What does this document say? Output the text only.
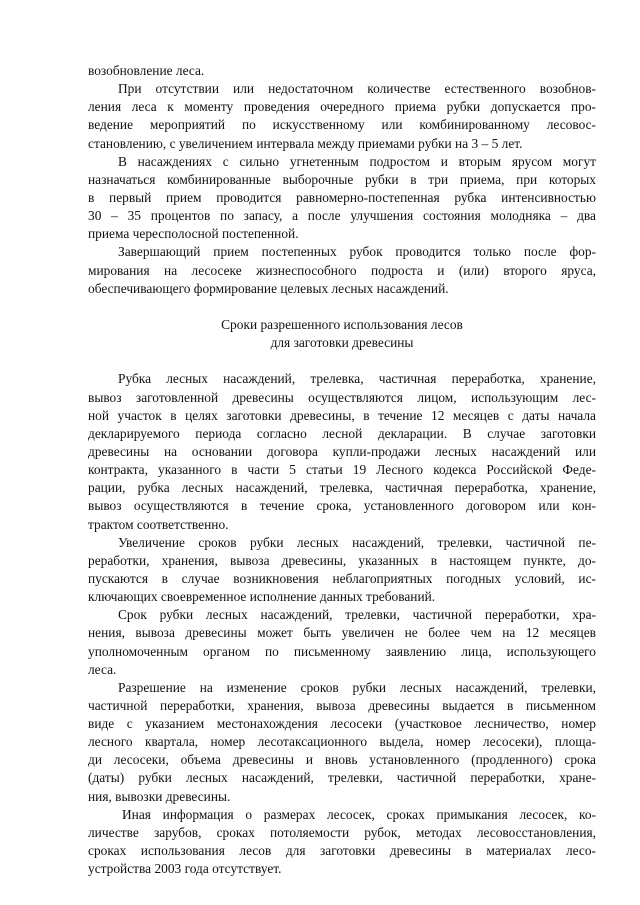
возобновление леса.
При отсутствии или недостаточном количестве естественного возобнов-
ления леса к моменту проведения очередного приема рубки допускается про-
ведение мероприятий по искусственному или комбинированному лесовос-
становлению, с увеличением интервала между приемами рубки на 3 – 5 лет.
В насаждениях с сильно угнетенным подростом и вторым ярусом могут
назначаться комбинированные выборочные рубки в три приема, при которых
в первый прием проводится равномерно-постепенная рубка интенсивностью
30 – 35 процентов по запасу, а после улучшения состояния молодняка – два
приема чересполосной постепенной.
Завершающий прием постепенных рубок проводится только после фор-
мирования на лесосеке жизнеспособного подроста и (или) второго яруса,
обеспечивающего формирование целевых лесных насаждений.
Сроки разрешенного использования лесов
для заготовки древесины
Рубка лесных насаждений, трелевка, частичная переработка, хранение,
вывоз заготовленной древесины осуществляются лицом, использующим лес-
ной участок в целях заготовки древесины, в течение 12 месяцев с даты начала
декларируемого периода согласно лесной декларации. В случае заготовки
древесины на основании договора купли-продажи лесных насаждений или
контракта, указанного в части 5 статьи 19 Лесного кодекса Российской Феде-
рации, рубка лесных насаждений, трелевка, частичная переработка, хранение,
вывоз осуществляются в течение срока, установленного договором или кон-
трактом соответственно.
Увеличение сроков рубки лесных насаждений, трелевки, частичной пе-
реработки, хранения, вывоза древесины, указанных в настоящем пункте, до-
пускаются в случае возникновения неблагоприятных погодных условий, ис-
ключающих своевременное исполнение данных требований.
Срок рубки лесных насаждений, трелевки, частичной переработки, хра-
нения, вывоза древесины может быть увеличен не более чем на 12 месяцев
уполномоченным органом по письменному заявлению лица, использующего
леса.
Разрешение на изменение сроков рубки лесных насаждений, трелевки,
частичной переработки, хранения, вывоза древесины выдается в письменном
виде с указанием местонахождения лесосеки (участковое лесничество, номер
лесного квартала, номер лесотаксационного выдела, номер лесосеки), площа-
ди лесосеки, объема древесины и вновь установленного (продленного) срока
(даты) рубки лесных насаждений, трелевки, частичной переработки, хране-
ния, вывозки древесины.
Иная информация о размерах лесосек, сроках примыкания лесосек, ко-
личестве зарубов, сроках потоляемости рубок, методах лесовосстановления,
сроках использования лесов для заготовки древесины в материалах лесо-
устройства 2003 года отсутствует.
